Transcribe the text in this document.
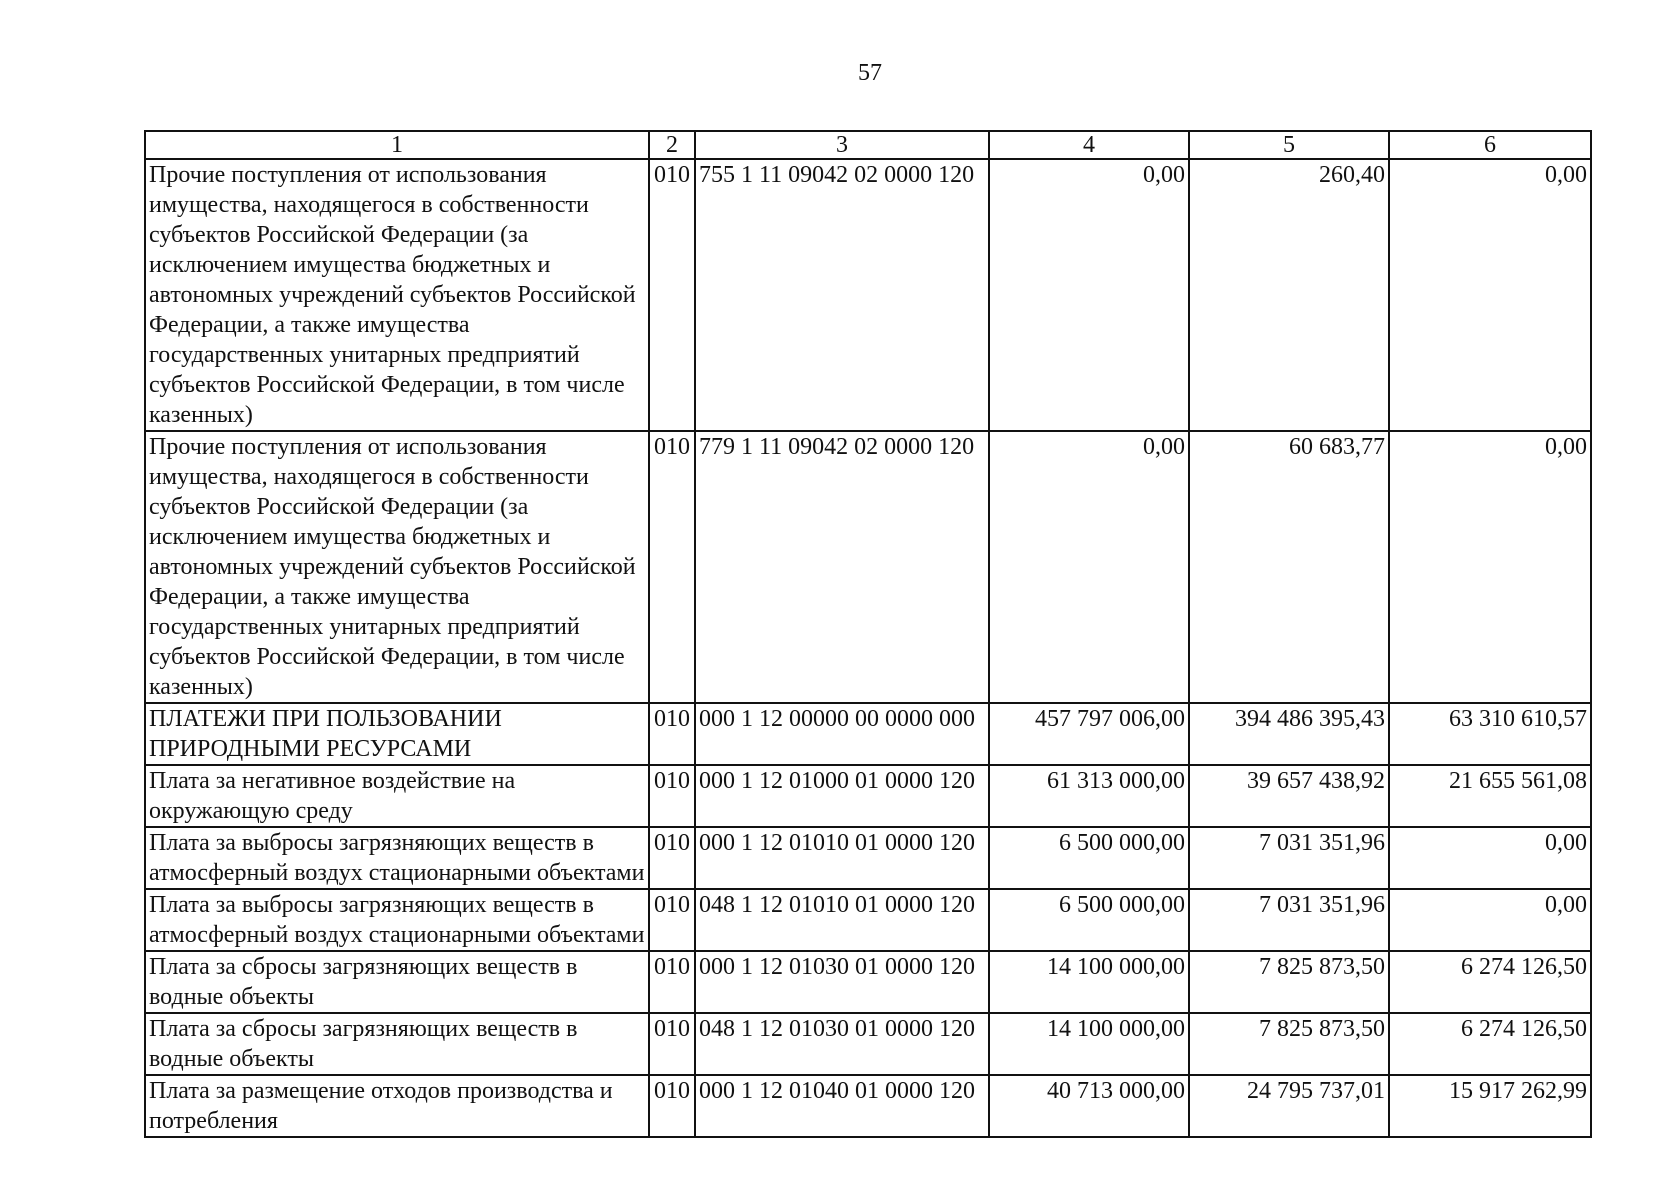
57
1	2	3	4	5	6
Прочие поступления от использования имущества, находящегося в собственности субъектов Российской Федерации (за исключением имущества бюджетных и автономных учреждений субъектов Российской Федерации, а также имущества государственных унитарных предприятий субъектов Российской Федерации, в том числе казенных)	010	755 1 11 09042 02 0000 120	0,00	260,40	0,00
Прочие поступления от использования имущества, находящегося в собственности субъектов Российской Федерации (за исключением имущества бюджетных и автономных учреждений субъектов Российской Федерации, а также имущества государственных унитарных предприятий субъектов Российской Федерации, в том числе казенных)	010	779 1 11 09042 02 0000 120	0,00	60 683,77	0,00
ПЛАТЕЖИ ПРИ ПОЛЬЗОВАНИИ ПРИРОДНЫМИ РЕСУРСАМИ	010	000 1 12 00000 00 0000 000	457 797 006,00	394 486 395,43	63 310 610,57
Плата за негативное воздействие на окружающую среду	010	000 1 12 01000 01 0000 120	61 313 000,00	39 657 438,92	21 655 561,08
Плата за выбросы загрязняющих веществ в атмосферный воздух стационарными объектами	010	000 1 12 01010 01 0000 120	6 500 000,00	7 031 351,96	0,00
Плата за выбросы загрязняющих веществ в атмосферный воздух стационарными объектами	010	048 1 12 01010 01 0000 120	6 500 000,00	7 031 351,96	0,00
Плата за сбросы загрязняющих веществ в водные объекты	010	000 1 12 01030 01 0000 120	14 100 000,00	7 825 873,50	6 274 126,50
Плата за сбросы загрязняющих веществ в водные объекты	010	048 1 12 01030 01 0000 120	14 100 000,00	7 825 873,50	6 274 126,50
Плата за размещение отходов производства и потребления	010	000 1 12 01040 01 0000 120	40 713 000,00	24 795 737,01	15 917 262,99
